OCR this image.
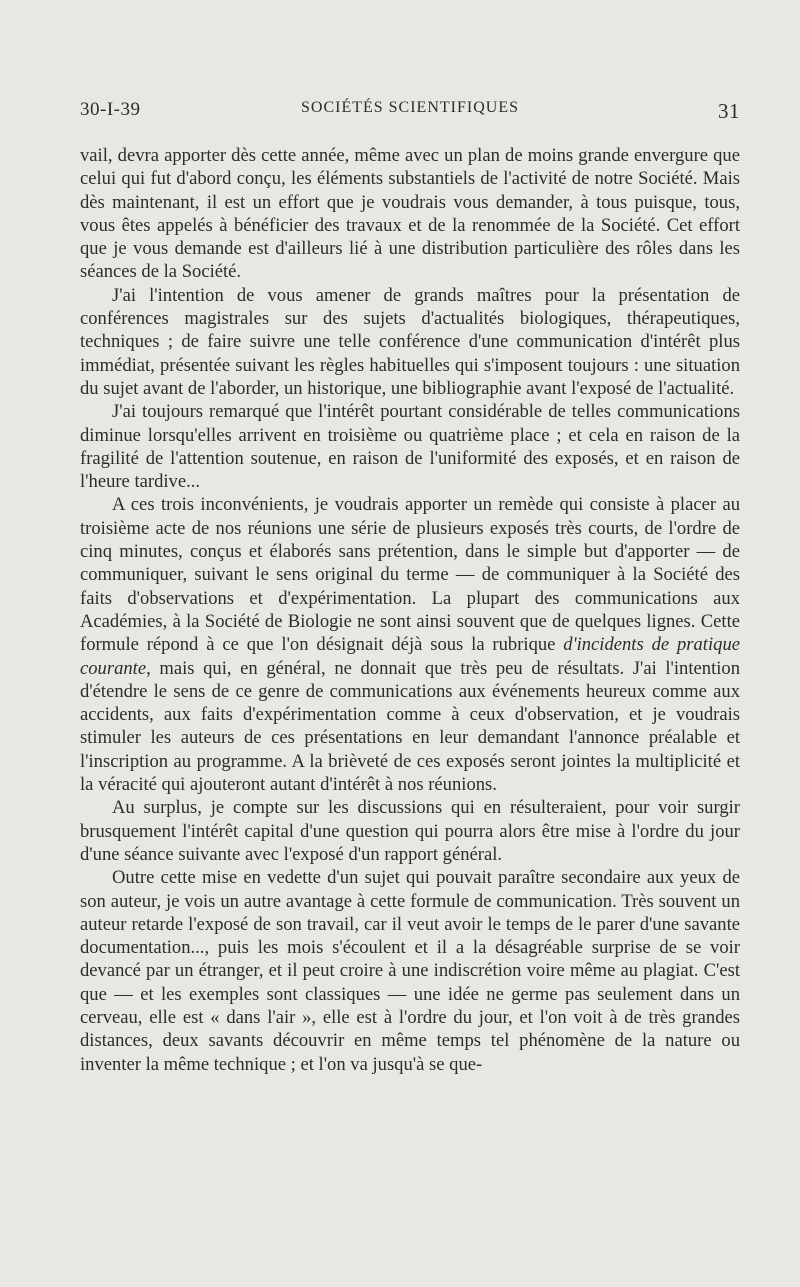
30-I-39	SOCIÉTÉS SCIENTIFIQUES	31

vail, devra apporter dès cette année, même avec un plan de moins grande envergure que celui qui fut d'abord conçu, les éléments substantiels de l'activité de notre Société. Mais dès maintenant, il est un effort que je voudrais vous demander, à tous puisque, tous, vous êtes appelés à bénéficier des travaux et de la renommée de la Société. Cet effort que je vous demande est d'ailleurs lié à une distribution particulière des rôles dans les séances de la Société.

J'ai l'intention de vous amener de grands maîtres pour la présentation de conférences magistrales sur des sujets d'actualités biologiques, thérapeutiques, techniques ; de faire suivre une telle conférence d'une communication d'intérêt plus immédiat, présentée suivant les règles habituelles qui s'imposent toujours : une situation du sujet avant de l'aborder, un historique, une bibliographie avant l'exposé de l'actualité.

J'ai toujours remarqué que l'intérêt pourtant considérable de telles communications diminue lorsqu'elles arrivent en troisième ou quatrième place ; et cela en raison de la fragilité de l'attention soutenue, en raison de l'uniformité des exposés, et en raison de l'heure tardive...

A ces trois inconvénients, je voudrais apporter un remède qui consiste à placer au troisième acte de nos réunions une série de plusieurs exposés très courts, de l'ordre de cinq minutes, conçus et élaborés sans prétention, dans le simple but d'apporter — de communiquer, suivant le sens original du terme — de communiquer à la Société des faits d'observations et d'expérimentation. La plupart des communications aux Académies, à la Société de Biologie ne sont ainsi souvent que de quelques lignes. Cette formule répond à ce que l'on désignait déjà sous la rubrique d'incidents de pratique courante, mais qui, en général, ne donnait que très peu de résultats. J'ai l'intention d'étendre le sens de ce genre de communications aux événements heureux comme aux accidents, aux faits d'expérimentation comme à ceux d'observation, et je voudrais stimuler les auteurs de ces présentations en leur demandant l'annonce préalable et l'inscription au programme. A la brièveté de ces exposés seront jointes la multiplicité et la véracité qui ajouteront autant d'intérêt à nos réunions.

Au surplus, je compte sur les discussions qui en résulteraient, pour voir surgir brusquement l'intérêt capital d'une question qui pourra alors être mise à l'ordre du jour d'une séance suivante avec l'exposé d'un rapport général.

Outre cette mise en vedette d'un sujet qui pouvait paraître secondaire aux yeux de son auteur, je vois un autre avantage à cette formule de communication. Très souvent un auteur retarde l'exposé de son travail, car il veut avoir le temps de le parer d'une savante documentation..., puis les mois s'écoulent et il a la désagréable surprise de se voir devancé par un étranger, et il peut croire à une indiscrétion voire même au plagiat. C'est que — et les exemples sont classiques — une idée ne germe pas seulement dans un cerveau, elle est « dans l'air », elle est à l'ordre du jour, et l'on voit à de très grandes distances, deux savants découvrir en même temps tel phénomène de la nature ou inventer la même technique ; et l'on va jusqu'à se que-
